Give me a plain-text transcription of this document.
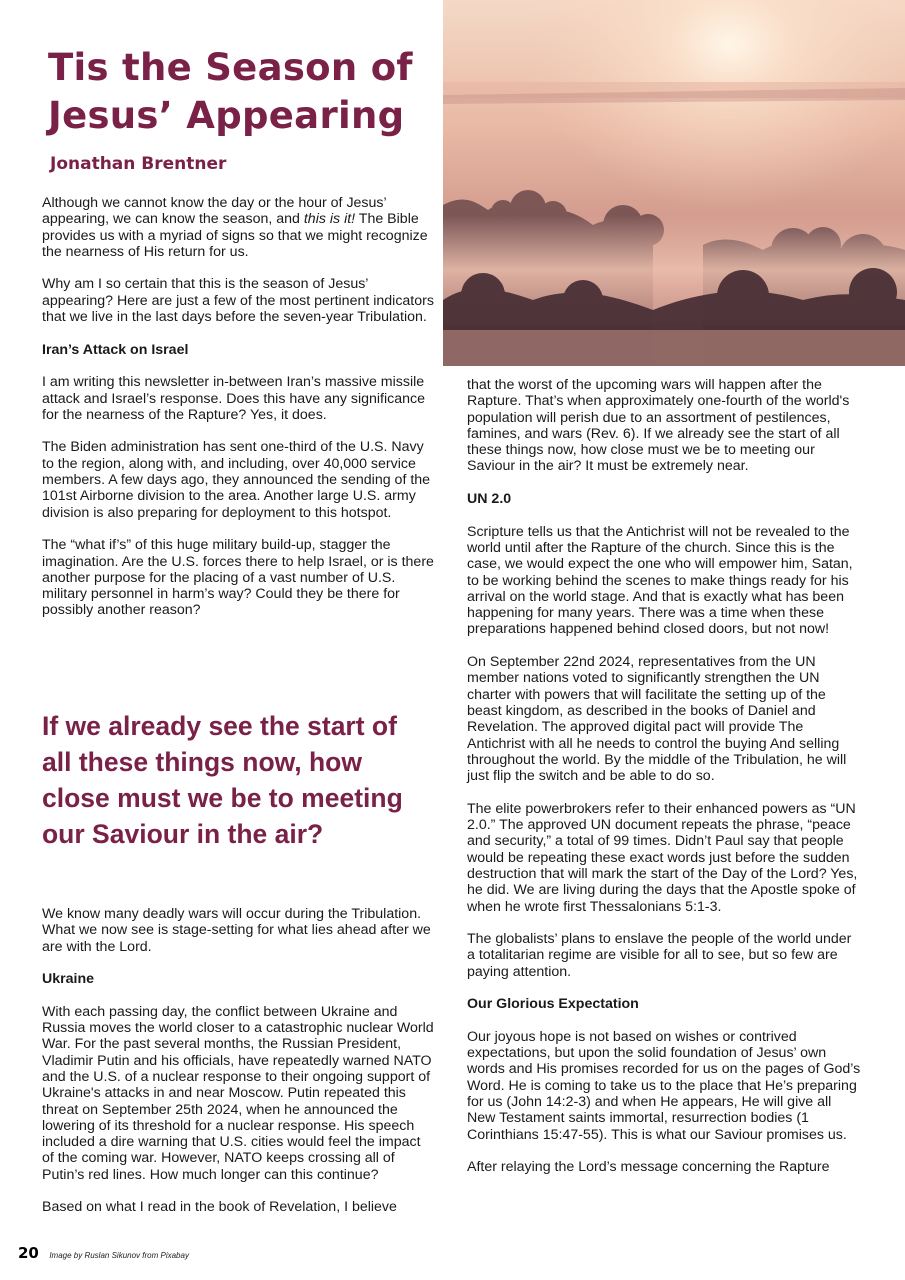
Tis the Season of
Jesus’ Appearing
Jonathan Brentner

Although we cannot know the day or the hour of Jesus’ appearing, we can know the season, and this is it! The Bible provides us with a myriad of signs so that we might recognize the nearness of His return for us.

Why am I so certain that this is the season of Jesus’ appearing? Here are just a few of the most pertinent indicators that we live in the last days before the seven-year Tribulation.

Iran’s Attack on Israel

I am writing this newsletter in-between Iran’s massive missile attack and Israel’s response. Does this have any significance for the nearness of the Rapture? Yes, it does.

The Biden administration has sent one-third of the U.S. Navy to the region, along with, and including, over 40,000 service members. A few days ago, they announced the sending of the 101st Airborne division to the area. Another large U.S. army division is also preparing for deployment to this hotspot.

The “what if’s” of this huge military build-up, stagger the imagination. Are the U.S. forces there to help Israel, or is there another purpose for the placing of a vast number of U.S. military personnel in harm’s way? Could they be there for possibly another reason?

If we already see the start of all these things now, how close must we be to meeting our Saviour in the air?

We know many deadly wars will occur during the Tribulation. What we now see is stage-setting for what lies ahead after we are with the Lord.

Ukraine

With each passing day, the conflict between Ukraine and Russia moves the world closer to a catastrophic nuclear World War. For the past several months, the Russian President, Vladimir Putin and his officials, have repeatedly warned NATO and the U.S. of a nuclear response to their ongoing support of Ukraine's attacks in and near Moscow. Putin repeated this threat on September 25th 2024, when he announced the lowering of its threshold for a nuclear response. His speech included a dire warning that U.S. cities would feel the impact of the coming war. However, NATO keeps crossing all of Putin’s red lines. How much longer can this continue?

Based on what I read in the book of Revelation, I believe

that the worst of the upcoming wars will happen after the Rapture. That’s when approximately one-fourth of the world's population will perish due to an assortment of pestilences, famines, and wars (Rev. 6). If we already see the start of all these things now, how close must we be to meeting our Saviour in the air? It must be extremely near.

UN 2.0

Scripture tells us that the Antichrist will not be revealed to the world until after the Rapture of the church. Since this is the case, we would expect the one who will empower him, Satan, to be working behind the scenes to make things ready for his arrival on the world stage. And that is exactly what has been happening for many years. There was a time when these preparations happened behind closed doors, but not now!

On September 22nd 2024, representatives from the UN member nations voted to significantly strengthen the UN charter with powers that will facilitate the setting up of the beast kingdom, as described in the books of Daniel and Revelation. The approved digital pact will provide The Antichrist with all he needs to control the buying And selling throughout the world. By the middle of the Tribulation, he will just flip the switch and be able to do so.

The elite powerbrokers refer to their enhanced powers as “UN 2.0.” The approved UN document repeats the phrase, “peace and security,” a total of 99 times. Didn’t Paul say that people would be repeating these exact words just before the sudden destruction that will mark the start of the Day of the Lord? Yes, he did. We are living during the days that the Apostle spoke of when he wrote first Thessalonians 5:1-3.

The globalists’ plans to enslave the people of the world under a totalitarian regime are visible for all to see, but so few are paying attention.

Our Glorious Expectation

Our joyous hope is not based on wishes or contrived expectations, but upon the solid foundation of Jesus’ own words and His promises recorded for us on the pages of God’s Word. He is coming to take us to the place that He’s preparing for us (John 14:2-3) and when He appears, He will give all New Testament saints immortal, resurrection bodies (1 Corinthians 15:47-55). This is what our Saviour promises us.

After relaying the Lord’s message concerning the Rapture

20 Image by Ruslan Sikunov from Pixabay
